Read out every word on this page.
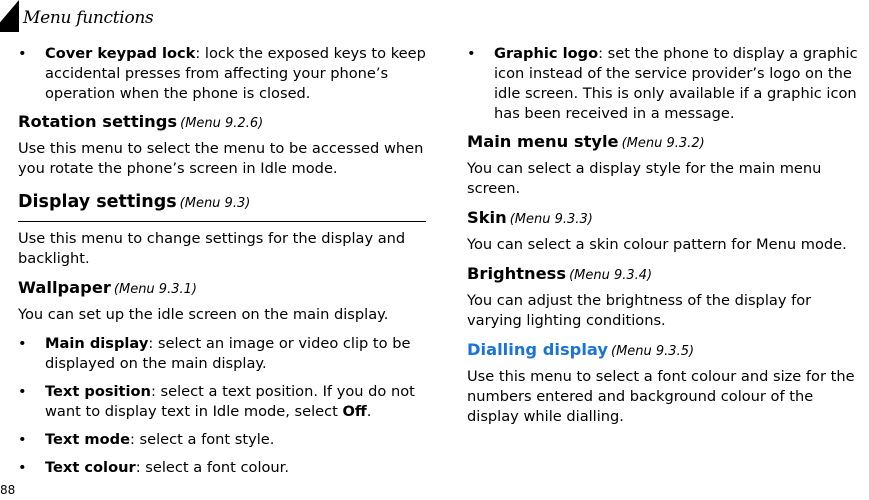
Menu functions
• Cover keypad lock: lock the exposed keys to keep accidental presses from affecting your phone’s operation when the phone is closed.
Rotation settings (Menu 9.2.6)

Use this menu to select the menu to be accessed when you rotate the phone’s screen in Idle mode.

Display settings (Menu 9.3)

Use this menu to change settings for the display and backlight.

Wallpaper (Menu 9.3.1)

You can set up the idle screen on the main display.

• Main display: select an image or video clip to be displayed on the main display.
• Text position: select a text position. If you do not want to display text in Idle mode, select Off.
• Text mode: select a font style.
• Text colour: select a font colour.
• Graphic logo: set the phone to display a graphic icon instead of the service provider’s logo on the idle screen. This is only available if a graphic icon has been received in a message.
Main menu style (Menu 9.3.2)

You can select a display style for the main menu screen.

Skin (Menu 9.3.3)

You can select a skin colour pattern for Menu mode.

Brightness (Menu 9.3.4)

You can adjust the brightness of the display for varying lighting conditions.

Dialling display (Menu 9.3.5)

Use this menu to select a font colour and size for the numbers entered and background colour of the display while dialling.

88
